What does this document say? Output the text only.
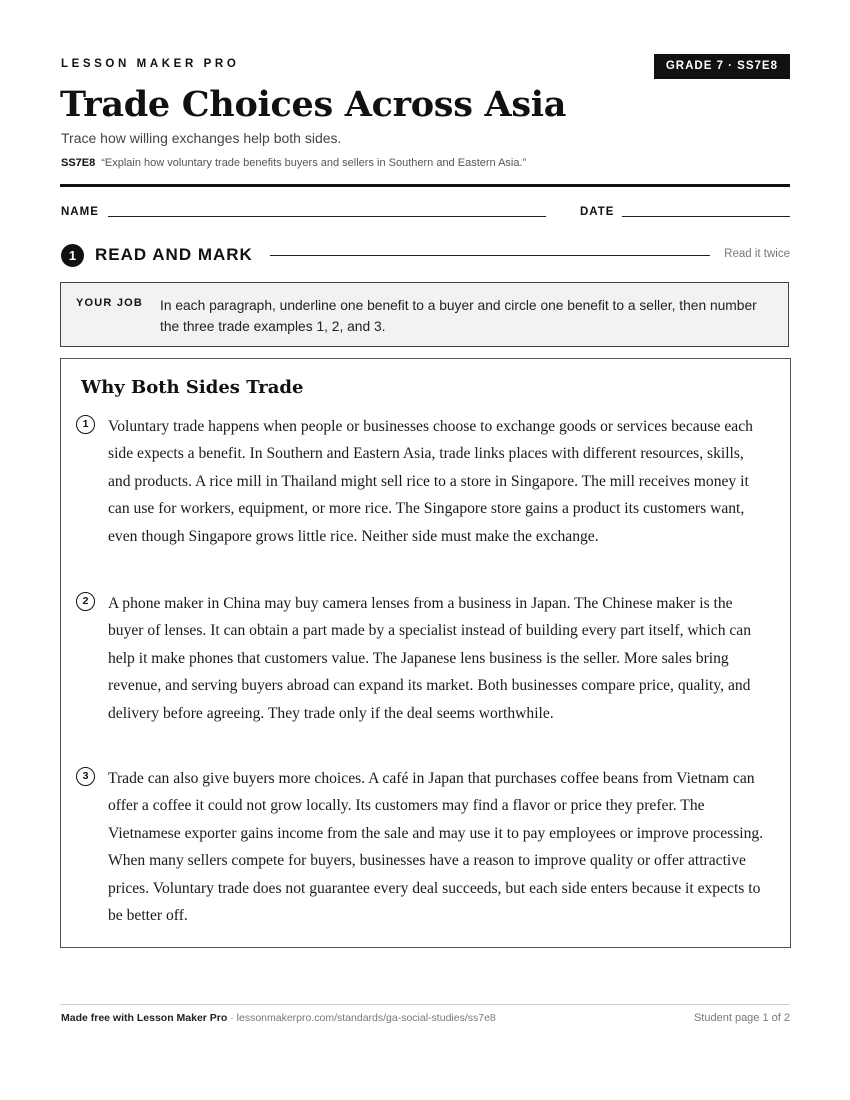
LESSON MAKER PRO	GRADE 7 · SS7E8
Trade Choices Across Asia
Trace how willing exchanges help both sides.
SS7E8 “Explain how voluntary trade benefits buyers and sellers in Southern and Eastern Asia.”
NAME	DATE
1	READ AND MARK	Read it twice
YOUR JOB In each paragraph, underline one benefit to a buyer and circle one benefit to a seller, then number the three trade examples 1, 2, and 3.
Why Both Sides Trade
1	Voluntary trade happens when people or businesses choose to exchange goods or services because each side expects a benefit. In Southern and Eastern Asia, trade links places with different resources, skills, and products. A rice mill in Thailand might sell rice to a store in Singapore. The mill receives money it can use for workers, equipment, or more rice. The Singapore store gains a product its customers want, even though Singapore grows little rice. Neither side must make the exchange.

2	A phone maker in China may buy camera lenses from a business in Japan. The Chinese maker is the buyer of lenses. It can obtain a part made by a specialist instead of building every part itself, which can help it make phones that customers value. The Japanese lens business is the seller. More sales bring revenue, and serving buyers abroad can expand its market. Both businesses compare price, quality, and delivery before agreeing. They trade only if the deal seems worthwhile.

3	Trade can also give buyers more choices. A café in Japan that purchases coffee beans from Vietnam can offer a coffee it could not grow locally. Its customers may find a flavor or price they prefer. The Vietnamese exporter gains income from the sale and may use it to pay employees or improve processing. When many sellers compete for buyers, businesses have a reason to improve quality or offer attractive prices. Voluntary trade does not guarantee every deal succeeds, but each side enters because it expects to be better off.

Made free with Lesson Maker Pro · lessonmakerpro.com/standards/ga-social-studies/ss7e8	Student page 1 of 2
